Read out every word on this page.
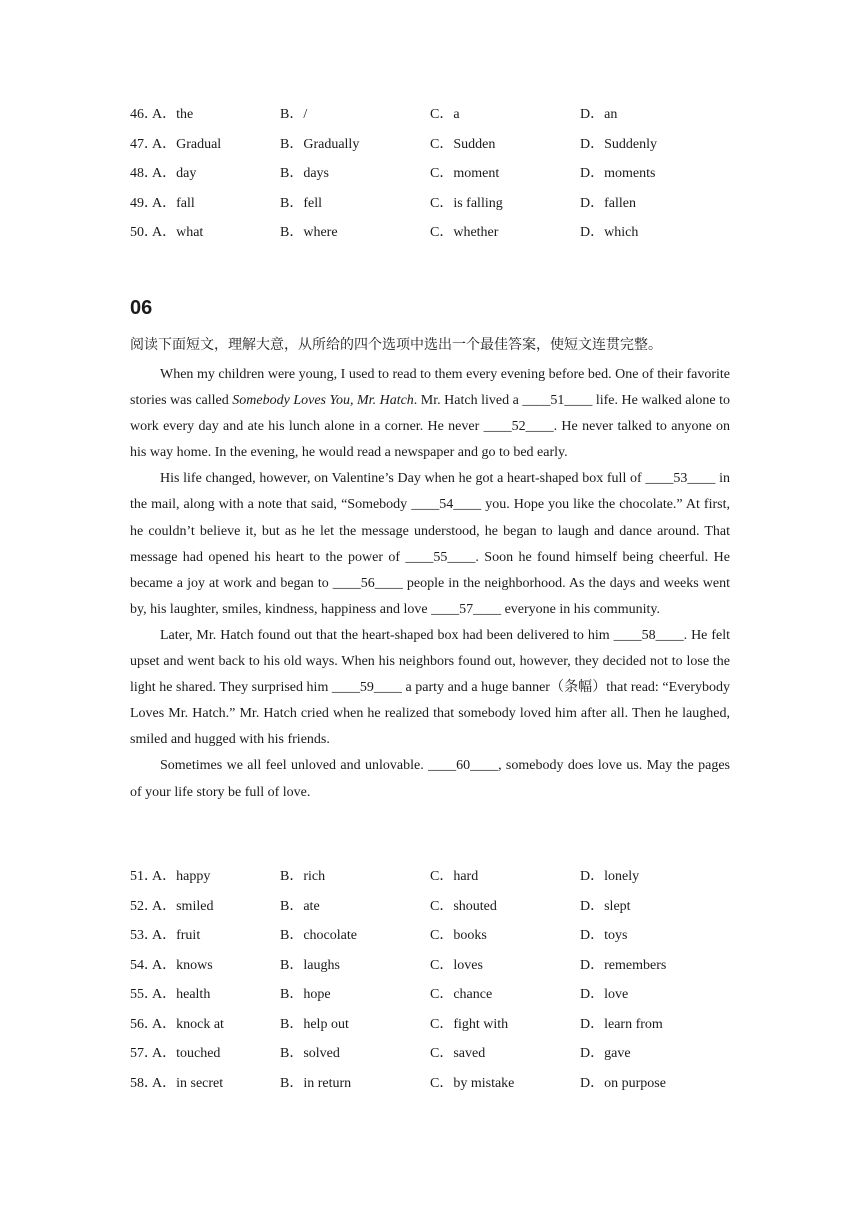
46．
A．the	B．/	C．a	D．an
47．
A．Gradual	B．Gradually	C．Sudden	D．Suddenly
48．
A．day	B．days	C．moment	D．moments
49．
A．fall	B．fell	C．is falling	D．fallen
50．
A．what	B．where	C．whether	D．which
06
阅读下面短文，理解大意，从所给的四个选项中选出一个最佳答案，使短文连贯完整。

When my children were young, I used to read to them every evening before bed. One of their favorite stories was called Somebody Loves You, Mr. Hatch. Mr. Hatch lived a ____51____ life. He walked alone to work every day and ate his lunch alone in a corner. He never ____52____. He never talked to anyone on his way home. In the evening, he would read a newspaper and go to bed early.

His life changed, however, on Valentine’s Day when he got a heart-shaped box full of ____53____ in the mail, along with a note that said, “Somebody ____54____ you. Hope you like the chocolate.” At first, he couldn’t believe it, but as he let the message understood, he began to laugh and dance around. That message had opened his heart to the power of ____55____. Soon he found himself being cheerful. He became a joy at work and began to ____56____ people in the neighborhood. As the days and weeks went by, his laughter, smiles, kindness, happiness and love ____57____ everyone in his community.

Later, Mr. Hatch found out that the heart-shaped box had been delivered to him ____58____. He felt upset and went back to his old ways. When his neighbors found out, however, they decided not to lose the light he shared. They surprised him ____59____ a party and a huge banner（条幅）that read: “Everybody Loves Mr. Hatch.” Mr. Hatch cried when he realized that somebody loved him after all. Then he laughed, smiled and hugged with his friends.

Sometimes we all feel unloved and unlovable. ____60____, somebody does love us. May the pages of your life story be full of love.

51．
A．happy	B．rich	C．hard	D．lonely
52．
A．smiled	B．ate	C．shouted	D．slept
53．
A．fruit	B．chocolate	C．books	D．toys
54．
A．knows	B．laughs	C．loves	D．remembers
55．
A．health	B．hope	C．chance	D．love
56．
A．knock at	B．help out	C．fight with	D．learn from
57．
A．touched	B．solved	C．saved	D．gave
58．
A．in secret	B．in return	C．by mistake	D．on purpose
